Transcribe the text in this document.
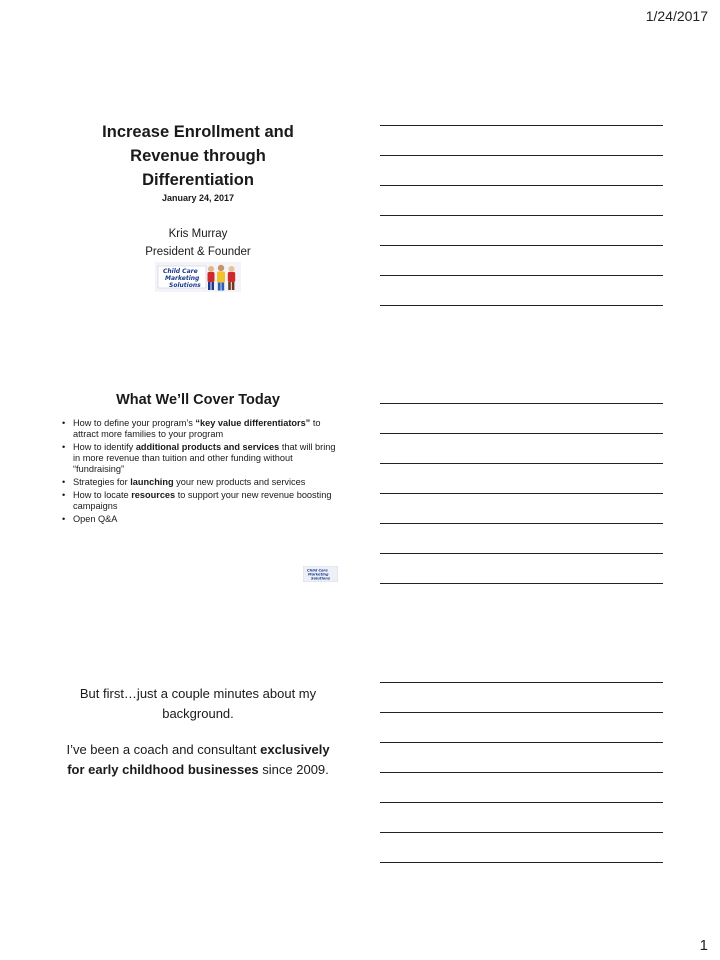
1/24/2017
Increase Enrollment and
Revenue through
Differentiation
January 24, 2017
Kris Murray
President & Founder
Child Care
Marketing
Solutions
What We’ll Cover Today
• How to define your program’s “key value differentiators” to attract more families to your program
• How to identify additional products and services that will bring in more revenue than tuition and other funding without “fundraising”
• Strategies for launching your new products and services
• How to locate resources to support your new revenue boosting campaigns
• Open Q&A
Child Care
Marketing
Solutions

But first…just a couple minutes about my background.

I’ve been a coach and consultant exclusively for early childhood businesses since 2009.

1
